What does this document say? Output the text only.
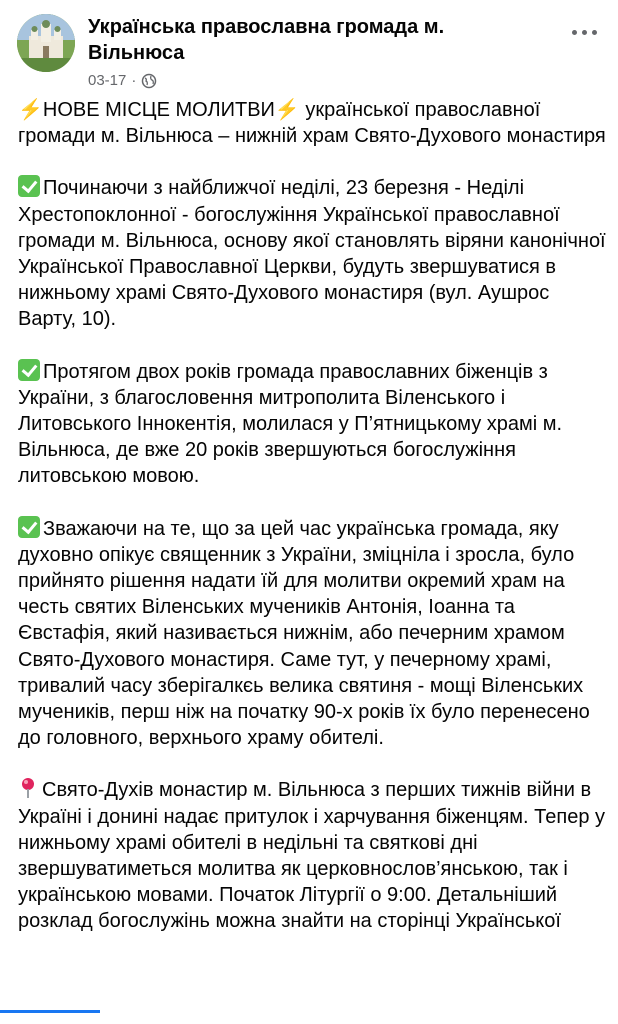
Українська православна громада м. Вільнюса
03-17 ·

⚡НОВЕ МІСЦЕ МОЛИТВИ⚡ української православної громади м. Вільнюса – нижній храм Свято-Духового монастиря

Починаючи з найближчої неділі, 23 березня - Неділі Хрестопоклонної - богослужіння Української православної громади м. Вільнюса, основу якої становлять віряни канонічної Української Православної Церкви, будуть звершуватися в нижньому храмі Свято-Духового монастиря (вул. Аушрос Варту, 10).

Протягом двох років громада православних біженців з України, з благословення митрополита Віленського і Литовського Іннокентія, молилася у П’ятницькому храмі м. Вільнюса, де вже 20 років звершуються богослужіння литовською мовою.

Зважаючи на те, що за цей час українська громада, яку духовно опікує священник з України, зміцніла і зросла, було прийнято рішення надати їй для молитви окремий храм на честь святих Віленських мучеників Антонія, Іоанна та Євстафія, який називається нижнім, або печерним храмом Свято-Духового монастиря. Саме тут, у печерному храмі, тривалий часу зберігалкєь велика святиня - мощі Віленських мучеників, перш ніж на початку 90-х років їх було перенесено до головного, верхнього храму обителі.

Свято-Духів монастир м. Вільнюса з перших тижнів війни в Україні і донині надає притулок і харчування біженцям. Тепер у нижньому храмі обителі в недільні та святкові дні звершуватиметься молитва як церковнослов’янською, так і українською мовами. Початок Літургії о 9:00. Детальніший розклад богослужінь можна знайти на сторінці Української
